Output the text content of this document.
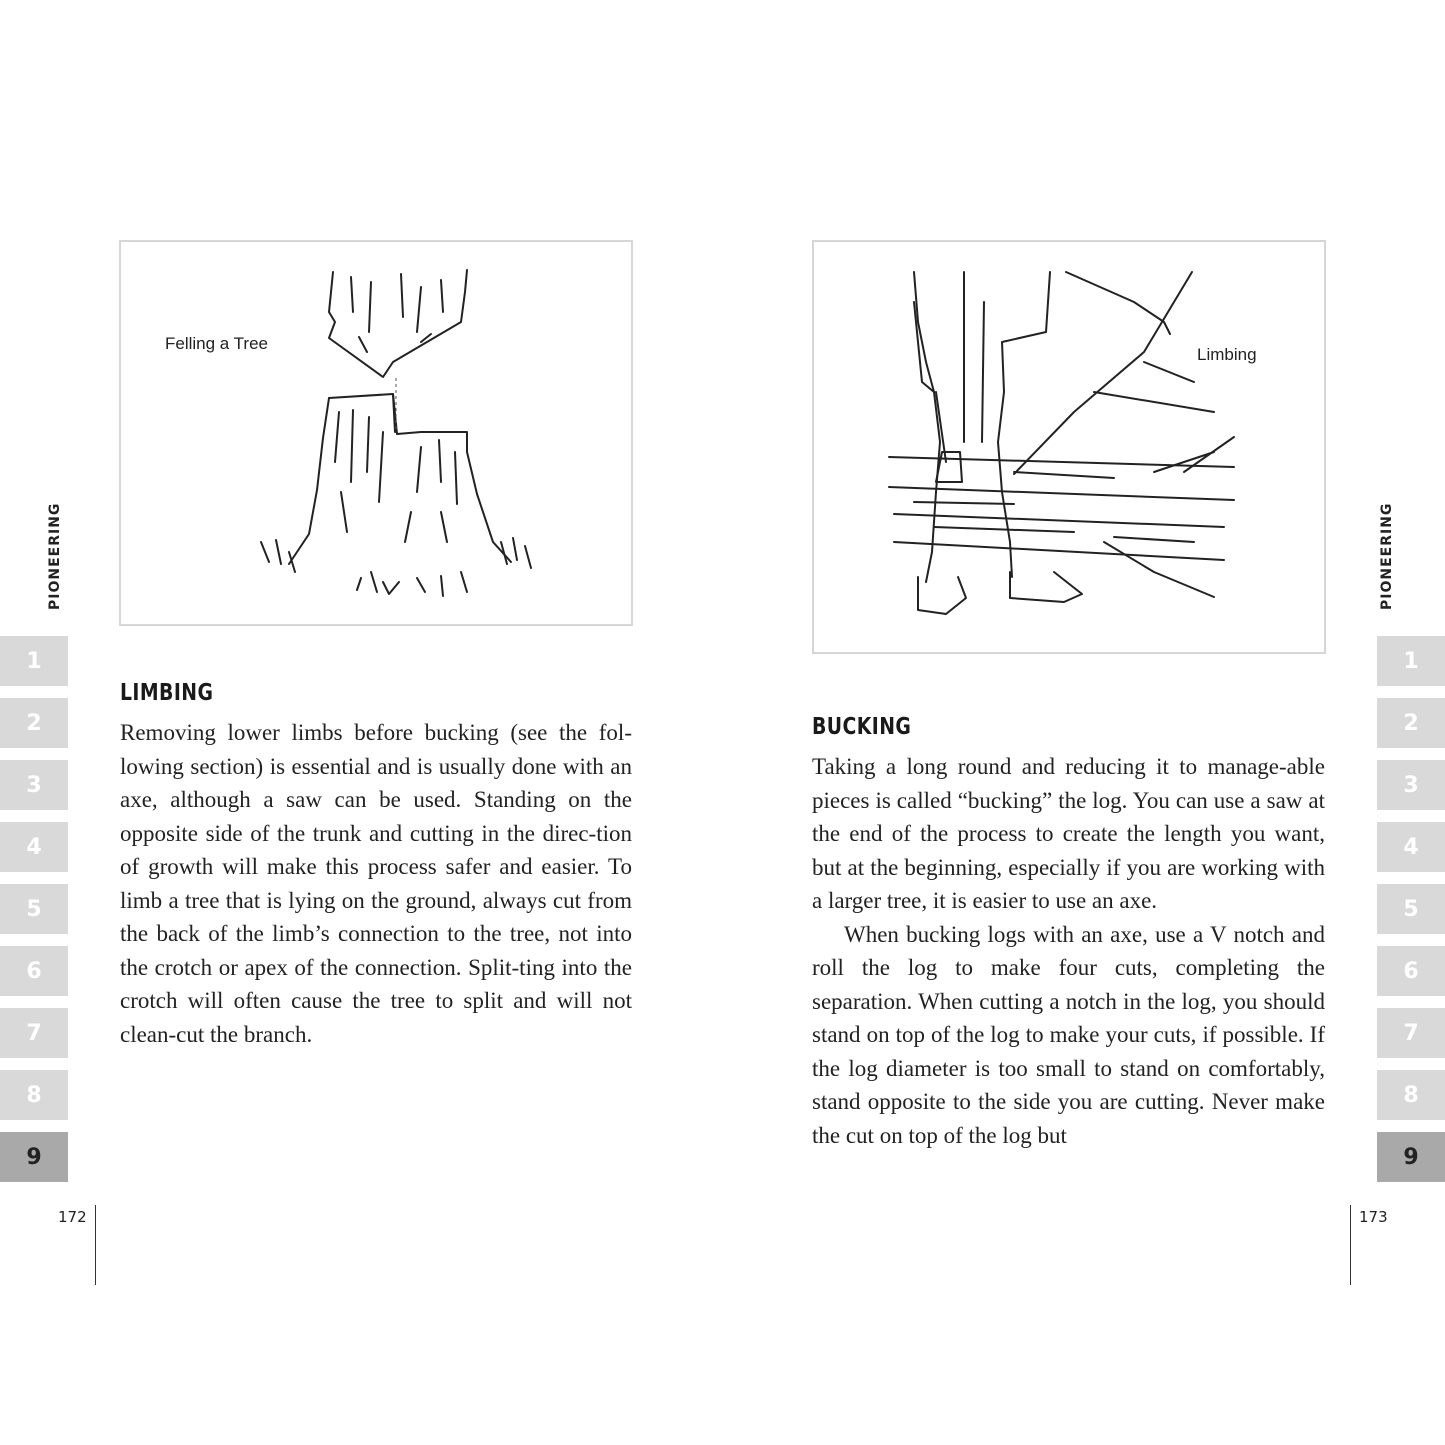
PIONEERING
1
2
3
4
5
6
7
8
9
172
Felling a Tree
LIMBING

Removing lower limbs before bucking (see the fol-lowing section) is essential and is usually done with an axe, although a saw can be used. Standing on the opposite side of the trunk and cutting in the direc-tion of growth will make this process safer and easier. To limb a tree that is lying on the ground, always cut from the back of the limb’s connection to the tree, not into the crotch or apex of the connection. Split-ting into the crotch will often cause the tree to split and will not clean-cut the branch.

PIONEERING
1
2
3
4
5
6
7
8
9
173
Limbing
BUCKING

Taking a long round and reducing it to manage-able pieces is called “bucking” the log. You can use a saw at the end of the process to create the length you want, but at the beginning, especially if you are working with a larger tree, it is easier to use an axe.

When bucking logs with an axe, use a V notch and roll the log to make four cuts, completing the separation. When cutting a notch in the log, you should stand on top of the log to make your cuts, if possible. If the log diameter is too small to stand on comfortably, stand opposite to the side you are cutting. Never make the cut on top of the log but
